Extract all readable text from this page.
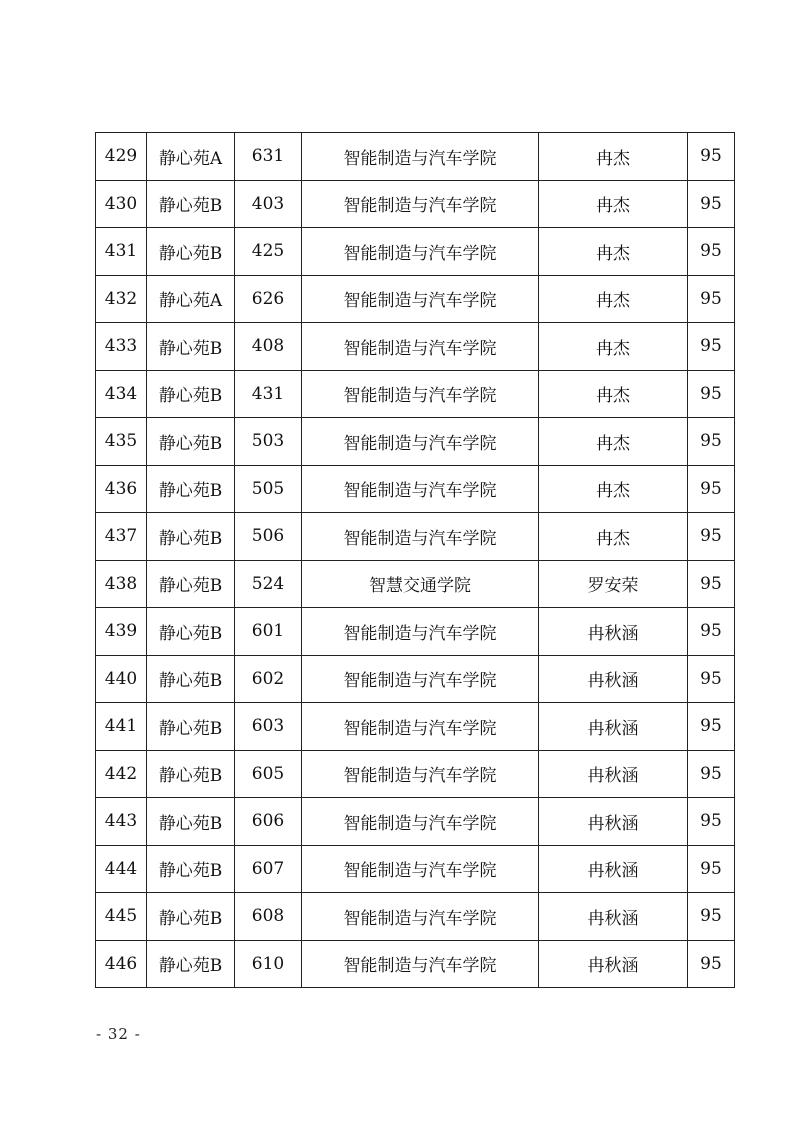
429	静心苑A	631	智能制造与汽车学院	冉杰	95
430	静心苑B	403	智能制造与汽车学院	冉杰	95
431	静心苑B	425	智能制造与汽车学院	冉杰	95
432	静心苑A	626	智能制造与汽车学院	冉杰	95
433	静心苑B	408	智能制造与汽车学院	冉杰	95
434	静心苑B	431	智能制造与汽车学院	冉杰	95
435	静心苑B	503	智能制造与汽车学院	冉杰	95
436	静心苑B	505	智能制造与汽车学院	冉杰	95
437	静心苑B	506	智能制造与汽车学院	冉杰	95
438	静心苑B	524	智慧交通学院	罗安荣	95
439	静心苑B	601	智能制造与汽车学院	冉秋涵	95
440	静心苑B	602	智能制造与汽车学院	冉秋涵	95
441	静心苑B	603	智能制造与汽车学院	冉秋涵	95
442	静心苑B	605	智能制造与汽车学院	冉秋涵	95
443	静心苑B	606	智能制造与汽车学院	冉秋涵	95
444	静心苑B	607	智能制造与汽车学院	冉秋涵	95
445	静心苑B	608	智能制造与汽车学院	冉秋涵	95
446	静心苑B	610	智能制造与汽车学院	冉秋涵	95
- 32 -
